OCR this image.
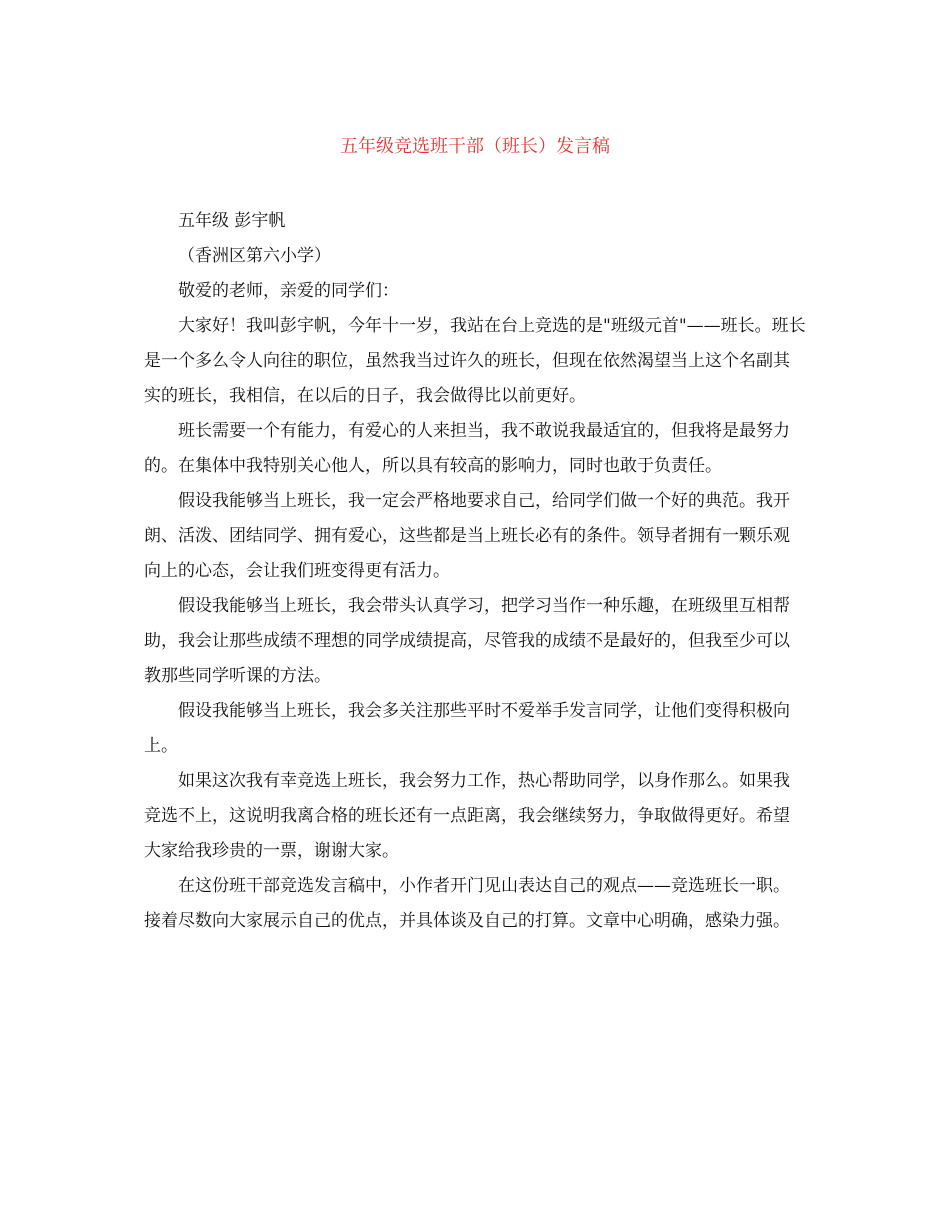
五年级竞选班干部（班长）发言稿

五年级 彭宇帆

（香洲区第六小学）

敬爱的老师，亲爱的同学们：

大家好！我叫彭宇帆，今年十一岁，我站在台上竞选的是"班级元首"——班长。班长是一个多么令人向往的职位，虽然我当过许久的班长，但现在依然渴望当上这个名副其实的班长，我相信，在以后的日子，我会做得比以前更好。

班长需要一个有能力，有爱心的人来担当，我不敢说我最适宜的，但我将是最努力的。在集体中我特别关心他人，所以具有较高的影响力，同时也敢于负责任。

假设我能够当上班长，我一定会严格地要求自己，给同学们做一个好的典范。我开朗、活泼、团结同学、拥有爱心，这些都是当上班长必有的条件。领导者拥有一颗乐观向上的心态，会让我们班变得更有活力。

假设我能够当上班长，我会带头认真学习，把学习当作一种乐趣，在班级里互相帮助，我会让那些成绩不理想的同学成绩提高，尽管我的成绩不是最好的，但我至少可以教那些同学听课的方法。

假设我能够当上班长，我会多关注那些平时不爱举手发言同学，让他们变得积极向上。

如果这次我有幸竞选上班长，我会努力工作，热心帮助同学，以身作那么。如果我竞选不上，这说明我离合格的班长还有一点距离，我会继续努力，争取做得更好。希望大家给我珍贵的一票，谢谢大家。

在这份班干部竞选发言稿中，小作者开门见山表达自己的观点——竞选班长一职。接着尽数向大家展示自己的优点，并具体谈及自己的打算。文章中心明确，感染力强。
